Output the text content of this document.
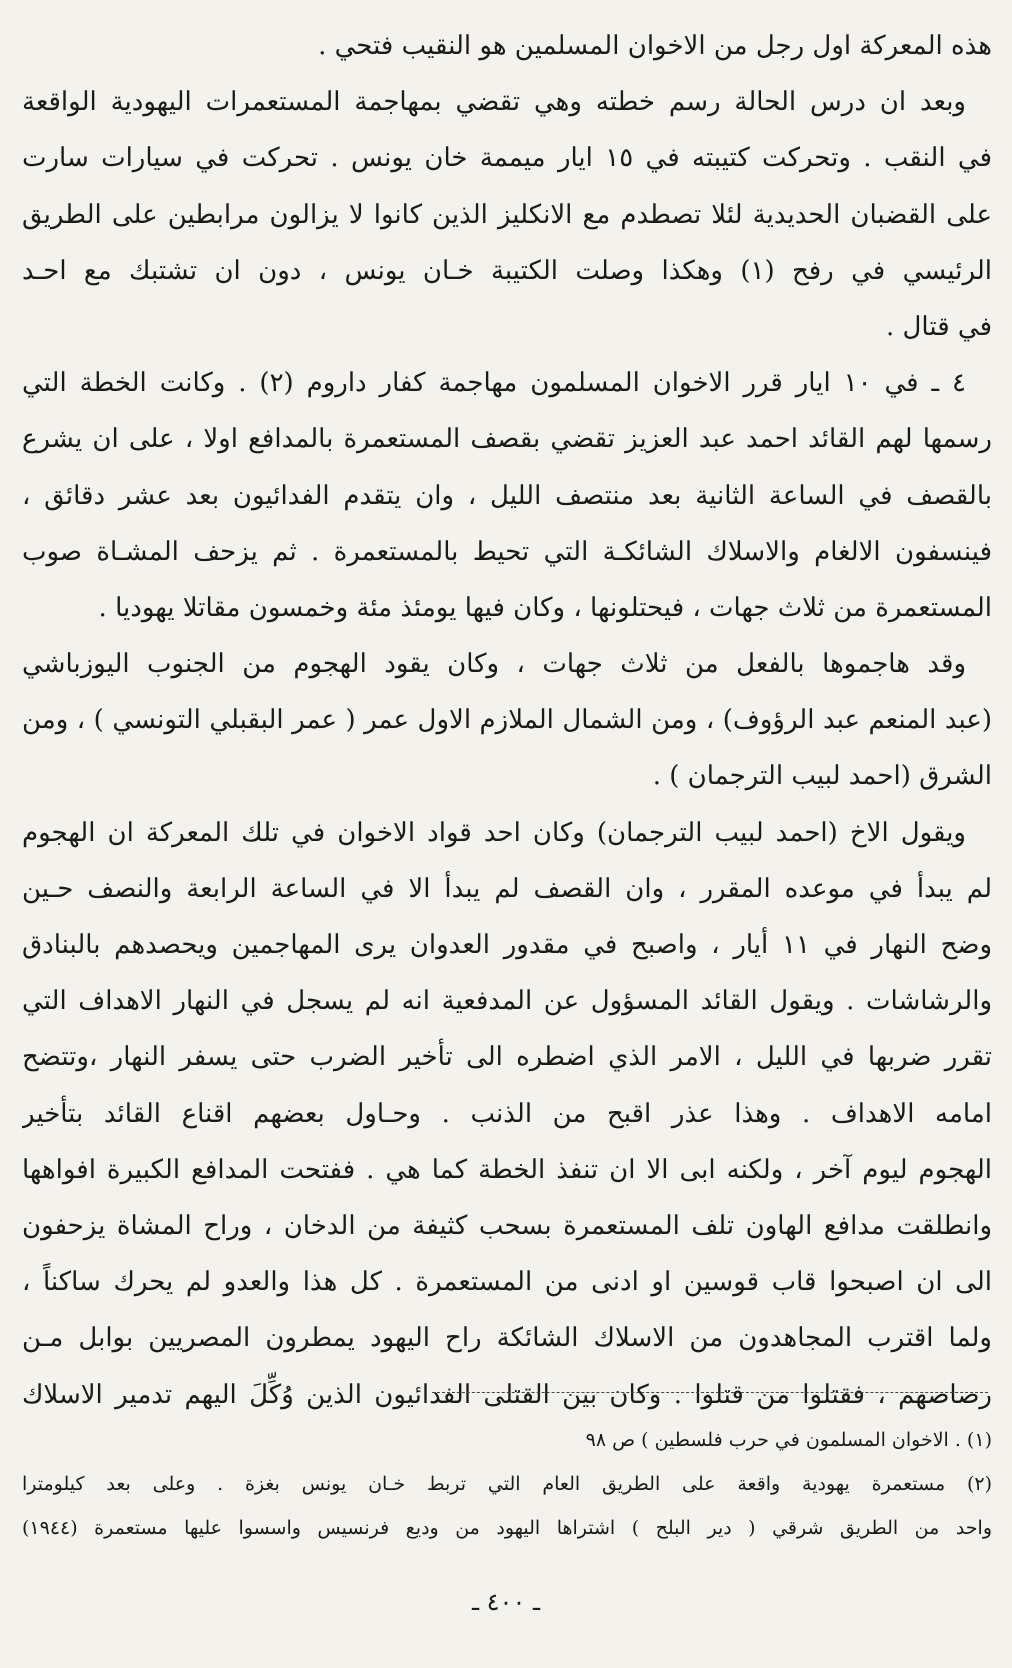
هذه المعركة اول رجل من الاخوان المسلمين هو النقيب فتحي .
وبعد ان درس الحالة رسم خطته وهي تقضي بمهاجمة المستعمرات اليهودية الواقعة
في النقب . وتحركت كتيبته في ١٥ ايار ميممة خان يونس . تحركت في سيارات سارت
على القضبان الحديدية لئلا تصطدم مع الانكليز الذين كانوا لا يزالون مرابطين على الطريق
الرئيسي في رفح (١) وهكذا وصلت الكتيبة خـان يونس ، دون ان تشتبك مع احـد
في قتال .
٤ ـ في ١٠ ايار قرر الاخوان المسلمون مهاجمة كفار داروم (٢) . وكانت الخطة التي
رسمها لهم القائد احمد عبد العزيز تقضي بقصف المستعمرة بالمدافع اولا ، على ان يشرع
بالقصف في الساعة الثانية بعد منتصف الليل ، وان يتقدم الفدائيون بعد عشر دقائق ،
فينسفون الالغام والاسلاك الشائكـة التي تحيط بالمستعمرة . ثم يزحف المشـاة صوب
المستعمرة من ثلاث جهات ، فيحتلونها ، وكان فيها يومئذ مئة وخمسون مقاتلا يهوديا .
وقد هاجموها بالفعل من ثلاث جهات ، وكان يقود الهجوم من الجنوب اليوزباشي
(عبد المنعم عبد الرؤوف) ، ومن الشمال الملازم الاول عمر ( عمر البقبلي التونسي ) ، ومن
الشرق (احمد لبيب الترجمان ) .
ويقول الاخ (احمد لبيب الترجمان) وكان احد قواد الاخوان في تلك المعركة ان الهجوم
لم يبدأ في موعده المقرر ، وان القصف لم يبدأ الا في الساعة الرابعة والنصف حـين
وضح النهار في ١١ أيار ، واصبح في مقدور العدوان يرى المهاجمين ويحصدهم بالبنادق
والرشاشات . ويقول القائد المسؤول عن المدفعية انه لم يسجل في النهار الاهداف التي
تقرر ضربها في الليل ، الامر الذي اضطره الى تأخير الضرب حتى يسفر النهار ،وتتضح
امامه الاهداف . وهذا عذر اقبح من الذنب . وحـاول بعضهم اقناع القائد بتأخير
الهجوم ليوم آخر ، ولكنه ابى الا ان تنفذ الخطة كما هي . ففتحت المدافع الكبيرة افواهها
وانطلقت مدافع الهاون تلف المستعمرة بسحب كثيفة من الدخان ، وراح المشاة يزحفون
الى ان اصبحوا قاب قوسين او ادنى من المستعمرة . كل هذا والعدو لم يحرك ساكناً ،
ولما اقترب المجاهدون من الاسلاك الشائكة راح اليهود يمطرون المصريين بوابل مـن
رصاصهم ، فقتلوا من قتلوا . وكان بين القتلى الفدائيون الذين وُكِّلَ اليهم تدمير الاسلاك
(١) . الاخوان المسلمون في حرب فلسطين ) ص ٩٨
(٢) مستعمرة يهودية واقعة على الطريق العام التي تربط خـان يونس بغزة . وعلى بعد كيلومترا
واحد من الطريق شرقي ( دير البلح ) اشتراها اليهود من وديع فرنسيس واسسوا عليها مستعمرة (١٩٤٤)
ـ ٤٠٠ ـ
